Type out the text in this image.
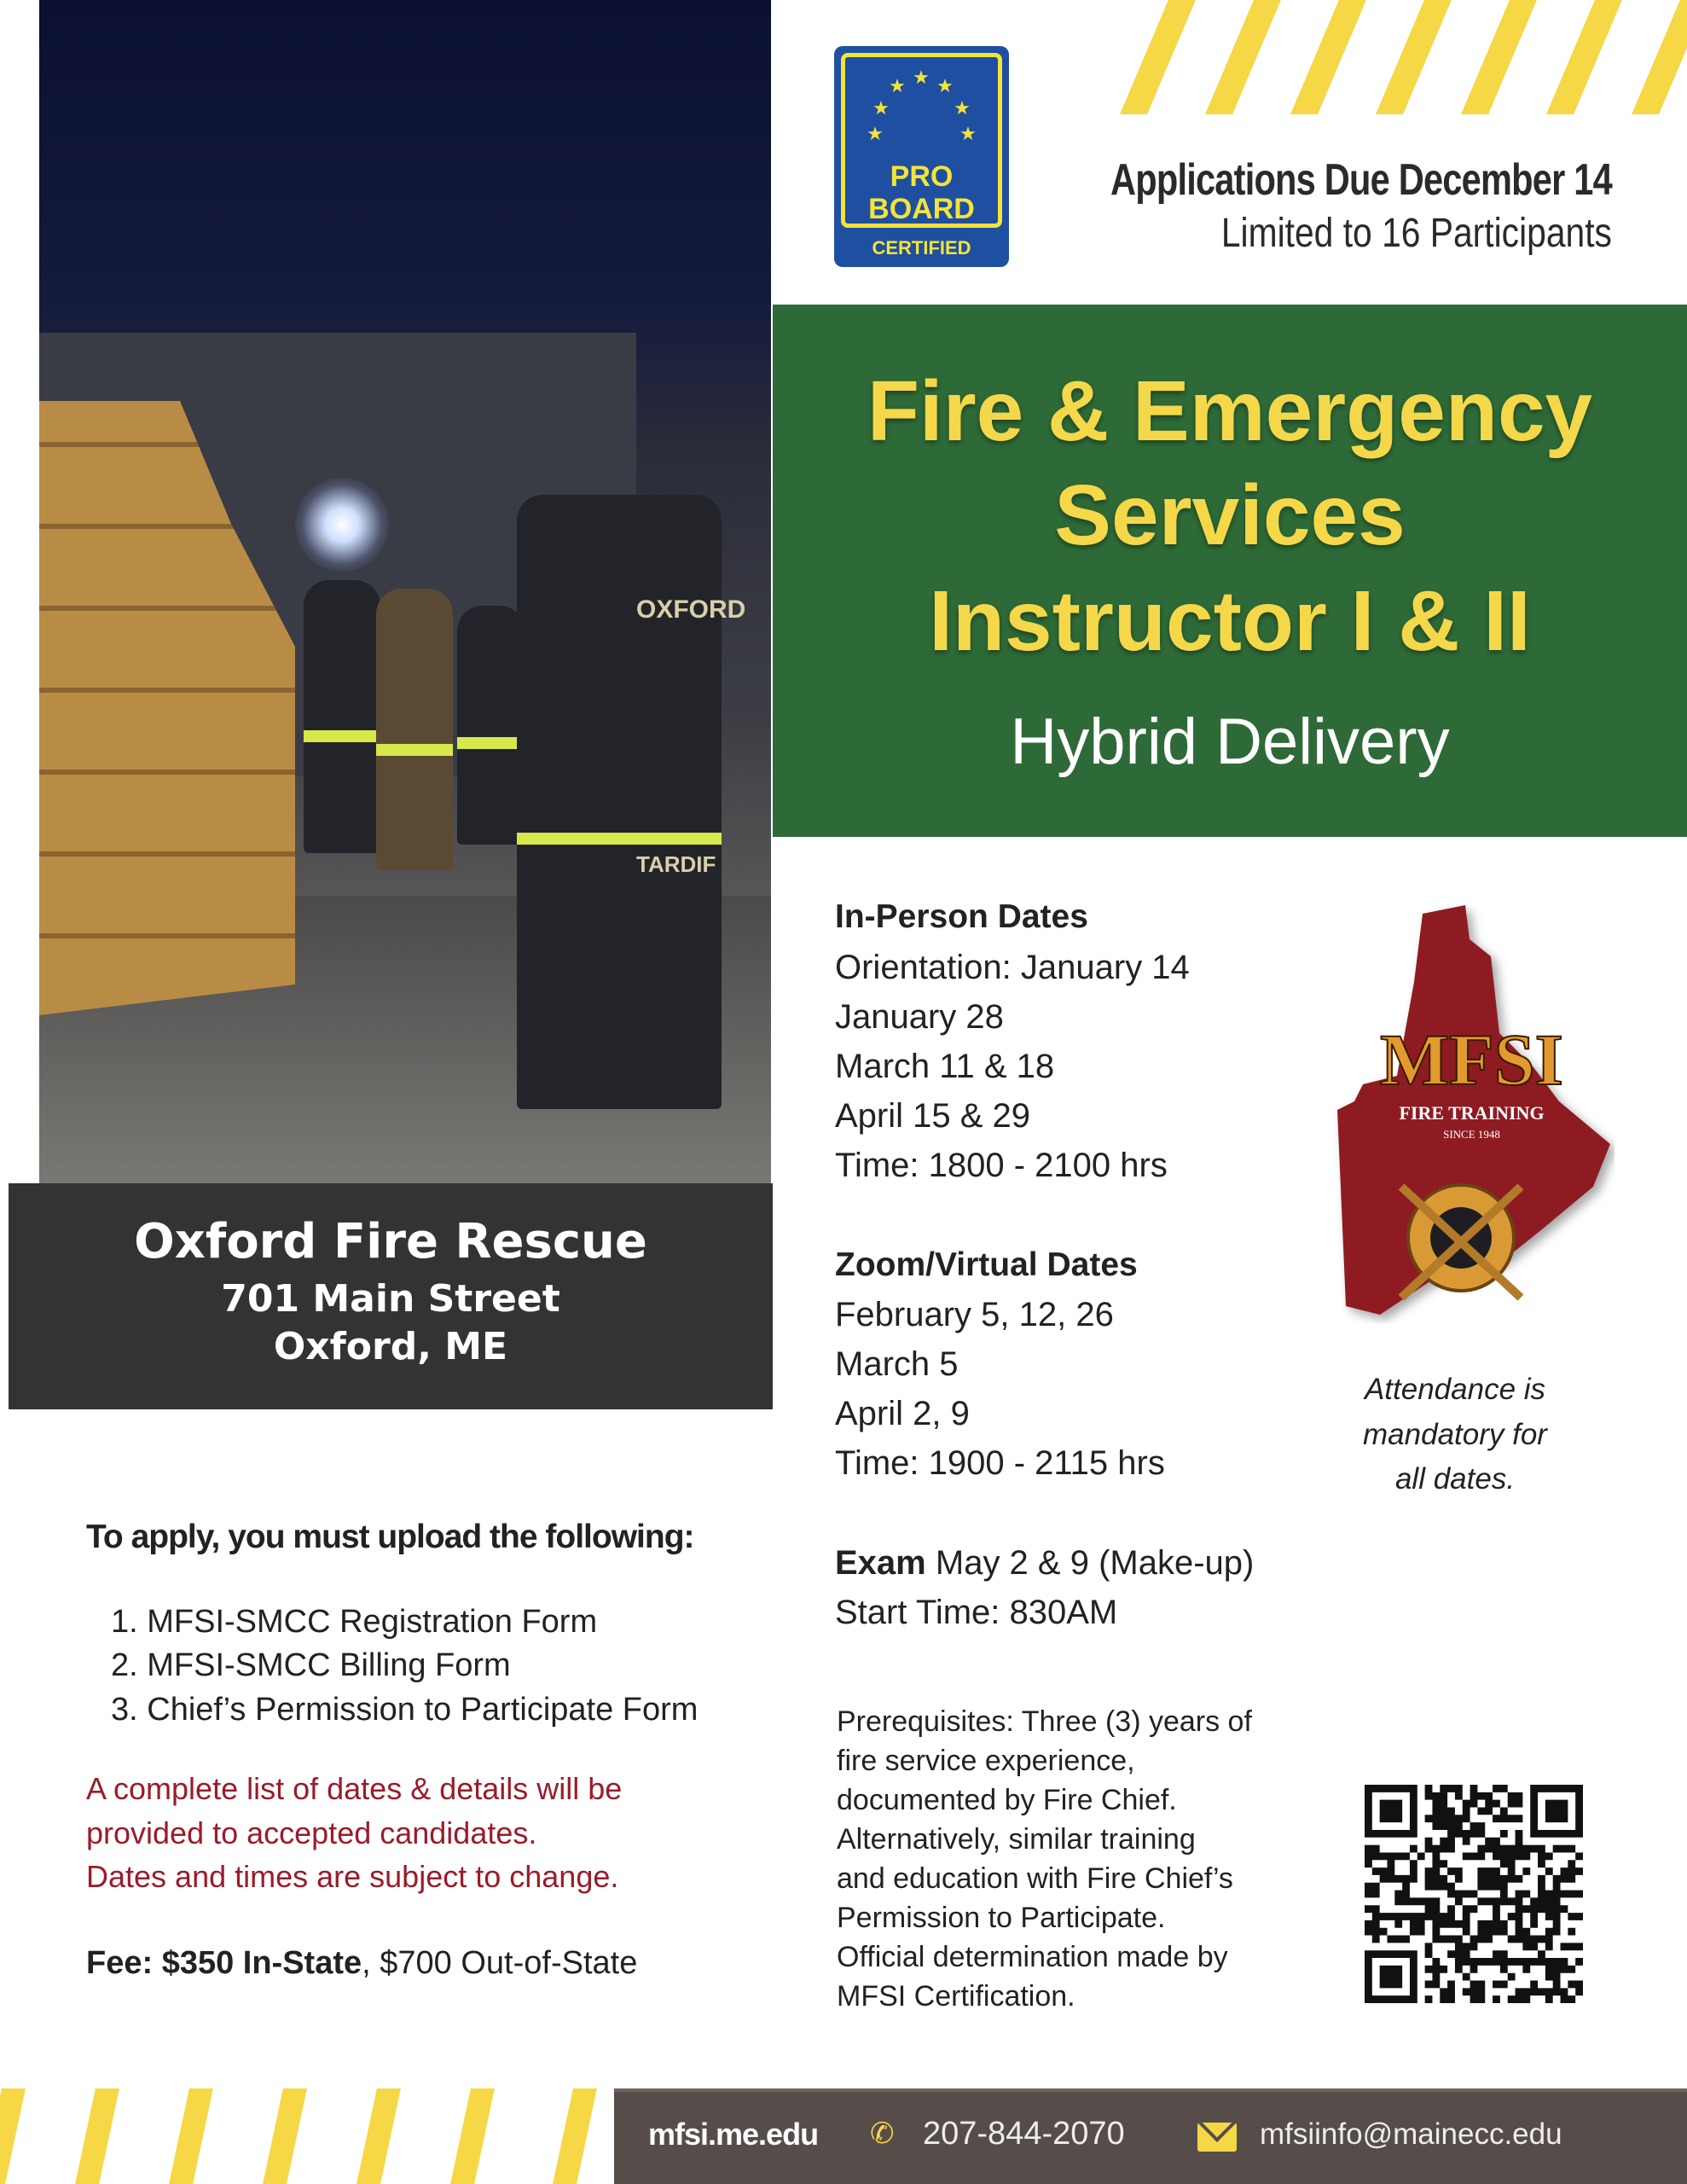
★
★ ★
★	★
★	★
PRO
BOARD
CERTIFIED
Applications Due December 14
Limited to 16 Participants
OXFORD
TARDIF
Oxford Fire Rescue
701 Main Street
Oxford, ME
Fire & Emergency
Services
Instructor I & II
Hybrid Delivery
In-Person Dates
Orientation: January 14
January 28
March 11 & 18
April 15 & 29
Time: 1800 - 2100 hrs
Zoom/Virtual Dates
February 5, 12, 26
March 5
April 2, 9
Time: 1900 - 2115 hrs
Exam May 2 & 9 (Make-up)
Start Time: 830AM
Prerequisites: Three (3) years of
fire service experience,
documented by Fire Chief.
Alternatively, similar training
and education with Fire Chief’s
Permission to Participate.
Official determination made by
MFSI Certification.
MFSI
FIRE TRAINING
SINCE 1948
Attendance is
mandatory for
all dates.
To apply, you must upload the following:
1. MFSI-SMCC Registration Form
2. MFSI-SMCC Billing Form
3. Chief’s Permission to Participate Form
A complete list of dates & details will be
provided to accepted candidates.
Dates and times are subject to change.
Fee: $350 In-State, $700 Out-of-State
mfsi.me.edu ✆ 207-844-2070	mfsiinfo@mainecc.edu
